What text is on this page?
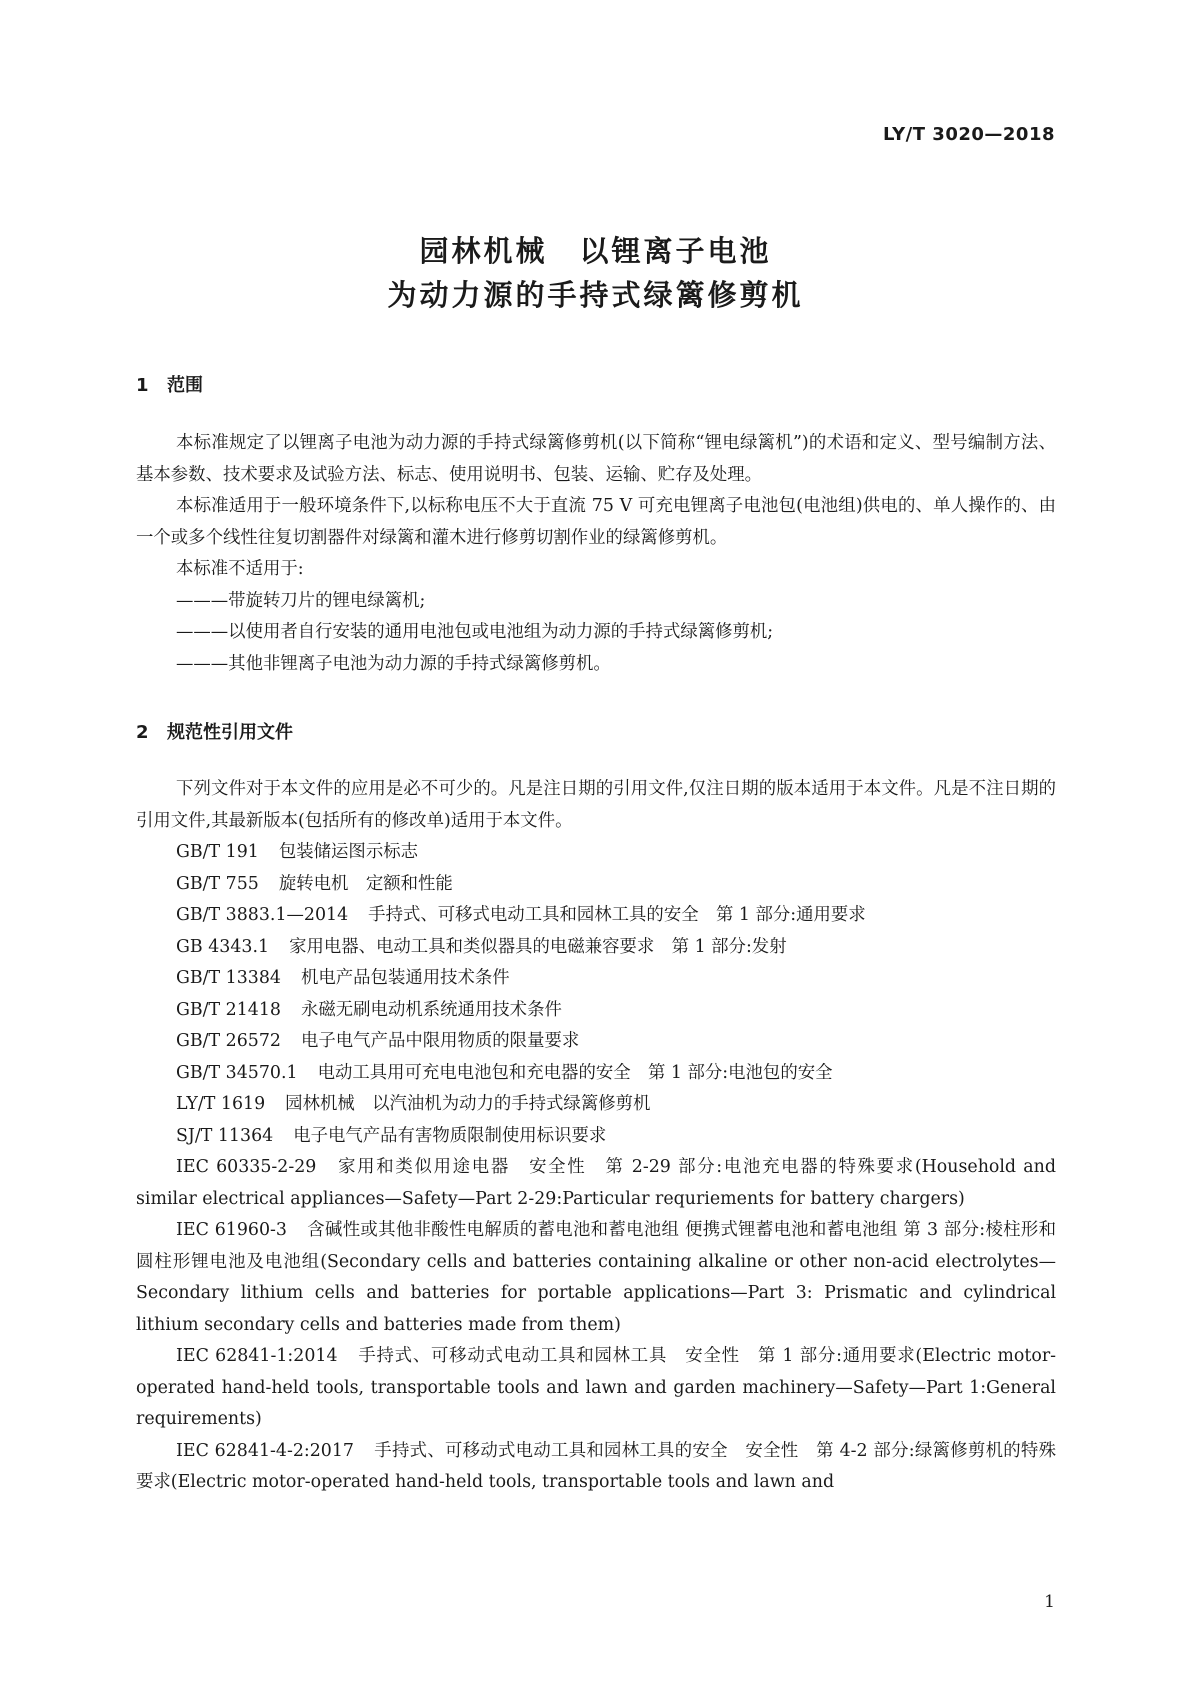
LY/T 3020—2018
园林机械　以锂离子电池
为动力源的手持式绿篱修剪机
1 范围

本标准规定了以锂离子电池为动力源的手持式绿篱修剪机(以下简称“锂电绿篱机”)的术语和定义、型号编制方法、基本参数、技术要求及试验方法、标志、使用说明书、包装、运输、贮存及处理。

本标准适用于一般环境条件下,以标称电压不大于直流 75 V 可充电锂离子电池包(电池组)供电的、单人操作的、由一个或多个线性往复切割器件对绿篱和灌木进行修剪切割作业的绿篱修剪机。

本标准不适用于:

———带旋转刀片的锂电绿篱机;

———以使用者自行安装的通用电池包或电池组为动力源的手持式绿篱修剪机;

———其他非锂离子电池为动力源的手持式绿篱修剪机。

2 规范性引用文件

下列文件对于本文件的应用是必不可少的。凡是注日期的引用文件,仅注日期的版本适用于本文件。凡是不注日期的引用文件,其最新版本(包括所有的修改单)适用于本文件。

GB/T 191 包装储运图示标志

GB/T 755 旋转电机　定额和性能

GB/T 3883.1—2014 手持式、可移式电动工具和园林工具的安全　第 1 部分:通用要求

GB 4343.1 家用电器、电动工具和类似器具的电磁兼容要求　第 1 部分:发射

GB/T 13384 机电产品包装通用技术条件

GB/T 21418 永磁无刷电动机系统通用技术条件

GB/T 26572 电子电气产品中限用物质的限量要求

GB/T 34570.1 电动工具用可充电电池包和充电器的安全　第 1 部分:电池包的安全

LY/T 1619 园林机械　以汽油机为动力的手持式绿篱修剪机

SJ/T 11364 电子电气产品有害物质限制使用标识要求

IEC 60335-2-29 家用和类似用途电器　安全性　第 2-29 部分:电池充电器的特殊要求(Household and similar electrical appliances—Safety—Part 2-29:Particular requriements for battery chargers)

IEC 61960-3 含碱性或其他非酸性电解质的蓄电池和蓄电池组 便携式锂蓄电池和蓄电池组 第 3 部分:棱柱形和圆柱形锂电池及电池组(Secondary cells and batteries containing alkaline or other non-acid electrolytes—Secondary lithium cells and batteries for portable applications—Part 3: Prismatic and cylindrical lithium secondary cells and batteries made from them)

IEC 62841-1:2014 手持式、可移动式电动工具和园林工具　安全性　第 1 部分:通用要求(Electric motor-operated hand-held tools, transportable tools and lawn and garden machinery—Safety—Part 1:General requirements)

IEC 62841-4-2:2017 手持式、可移动式电动工具和园林工具的安全　安全性　第 4-2 部分:绿篱修剪机的特殊要求(Electric motor-operated hand-held tools, transportable tools and lawn and

1
